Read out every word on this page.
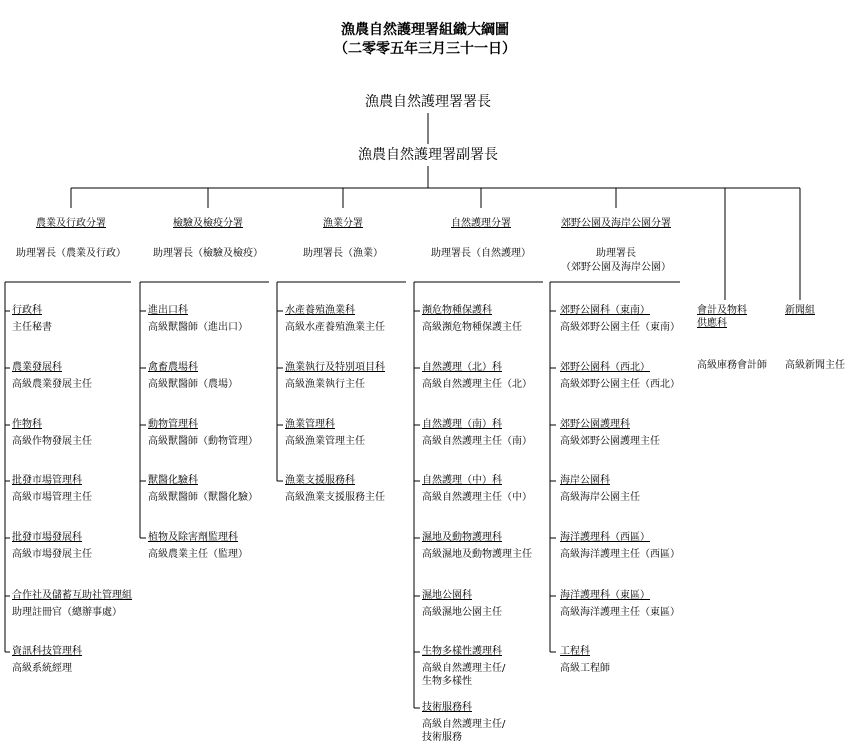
漁農自然護理署組織大綱圖
（二零零五年三月三十一日）
漁農自然護理署署長
漁農自然護理署副署長
農業及行政分署
助理署長（農業及行政）
檢驗及檢疫分署
助理署長（檢驗及檢疫）
漁業分署
助理署長（漁業）
自然護理分署
助理署長（自然護理）
郊野公園及海岸公園分署
助理署長
（郊野公園及海岸公園）
行政科
主任秘書
農業發展科
高級農業發展主任
作物科
高級作物發展主任
批發市場管理科
高級市場管理主任
批發市場發展科
高級市場發展主任
合作社及儲蓄互助社管理組
助理註冊官（總辦事處）
資訊科技管理科
高級系統經理
進出口科
高級獸醫師（進出口）
禽畜農場科
高級獸醫師（農場）
動物管理科
高級獸醫師（動物管理）
獸醫化驗科
高級獸醫師（獸醫化驗）
植物及除害劑監理科
高級農業主任（監理）
水產養殖漁業科
高級水產養殖漁業主任
漁業執行及特別項目科
高級漁業執行主任
漁業管理科
高級漁業管理主任
漁業支援服務科
高級漁業支援服務主任
瀕危物種保護科
高級瀕危物種保護主任
自然護理（北）科
高級自然護理主任（北）
自然護理（南）科
高級自然護理主任（南）
自然護理（中）科
高級自然護理主任（中）
濕地及動物護理科
高級濕地及動物護理主任
濕地公園科
高級濕地公園主任
生物多樣性護理科
高級自然護理主任/
生物多樣性
技術服務科
高級自然護理主任/
技術服務
郊野公園科（東南）
高級郊野公園主任（東南）
郊野公園科（西北）
高級郊野公園主任（西北）
郊野公園護理科
高級郊野公園護理主任
海岸公園科
高級海岸公園主任
海洋護理科（西區）
高級海洋護理主任（西區）
海洋護理科（東區）
高級海洋護理主任（東區）
工程科
高級工程師
會計及物料
供應科
高級庫務會計師
新聞組
高級新聞主任
